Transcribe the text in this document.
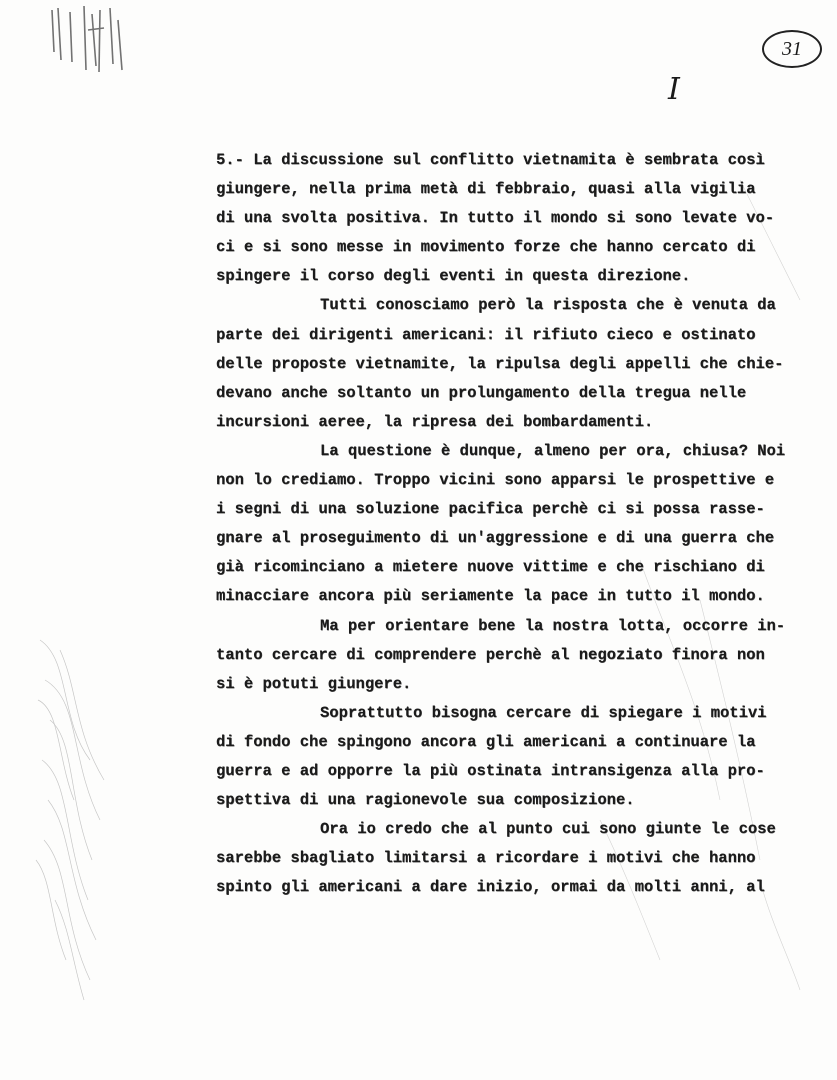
31
I
5.- La discussione sul conflitto vietnamita è sembrata così
giungere, nella prima metà di febbraio, quasi alla vigilia
di una svolta positiva. In tutto il mondo si sono levate vo-
ci e si sono messe in movimento forze che hanno cercato di
spingere il corso degli eventi in questa direzione.
Tutti conosciamo però la risposta che è venuta da
parte dei dirigenti americani: il rifiuto cieco e ostinato
delle proposte vietnamite, la ripulsa degli appelli che chie-
devano anche soltanto un prolungamento della tregua nelle
incursioni aeree, la ripresa dei bombardamenti.
La questione è dunque, almeno per ora, chiusa? Noi
non lo crediamo. Troppo vicini sono apparsi le prospettive e
i segni di una soluzione pacifica perchè ci si possa rasse-
gnare al proseguimento di un'aggressione e di una guerra che
già ricominciano a mietere nuove vittime e che rischiano di
minacciare ancora più seriamente la pace in tutto il mondo.
Ma per orientare bene la nostra lotta, occorre in-
tanto cercare di comprendere perchè al negoziato finora non
si è potuti giungere.
Soprattutto bisogna cercare di spiegare i motivi
di fondo che spingono ancora gli americani a continuare la
guerra e ad opporre la più ostinata intransigenza alla pro-
spettiva di una ragionevole sua composizione.
Ora io credo che al punto cui sono giunte le cose
sarebbe sbagliato limitarsi a ricordare i motivi che hanno
spinto gli americani a dare inizio, ormai da molti anni, al
